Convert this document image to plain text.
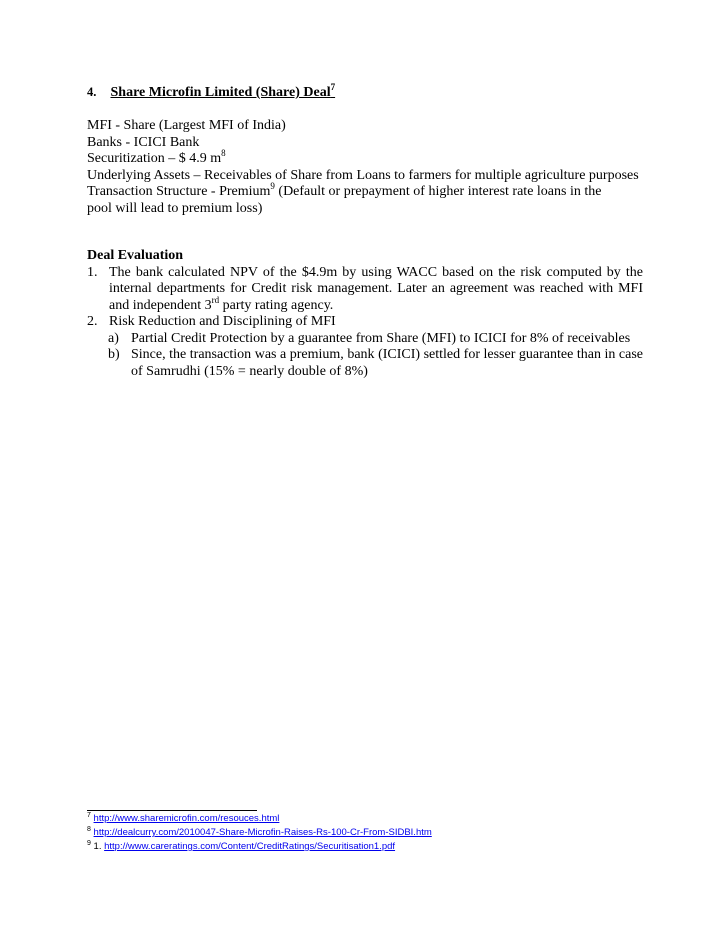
4. Share Microfin Limited (Share) Deal$^7$
MFI - Share (Largest MFI of India)
Banks - ICICI Bank
Securitization – $ 4.9 $m^8$
Underlying Assets – Receivables of Share from Loans to farmers for multiple agriculture purposes
Transaction Structure - Premium$^9$ (Default or prepayment of higher interest rate loans in the
pool will lead to premium loss)
Deal Evaluation
1. The bank calculated NPV of the $4.9m by using WACC based on the risk computed by the internal departments for Credit risk management. Later an agreement was reached with MFI and independent 3rd party rating agency.
2. Risk Reduction and Disciplining of MFI
a) Partial Credit Protection by a guarantee from Share (MFI) to ICICI for 8% of receivables
b) Since, the transaction was a premium, bank (ICICI) settled for lesser guarantee than in case of Samrudhi (15% = nearly double of 8%)
$^7$ http://www.sharemicrofin.com/resouces.html
$^8$ http://dealcurry.com/2010047-Share-Microfin-Raises-Rs-100-Cr-From-SIDBI.htm
$^9$ 1. http://www.careratings.com/Content/CreditRatings/Securitisation1.pdf
